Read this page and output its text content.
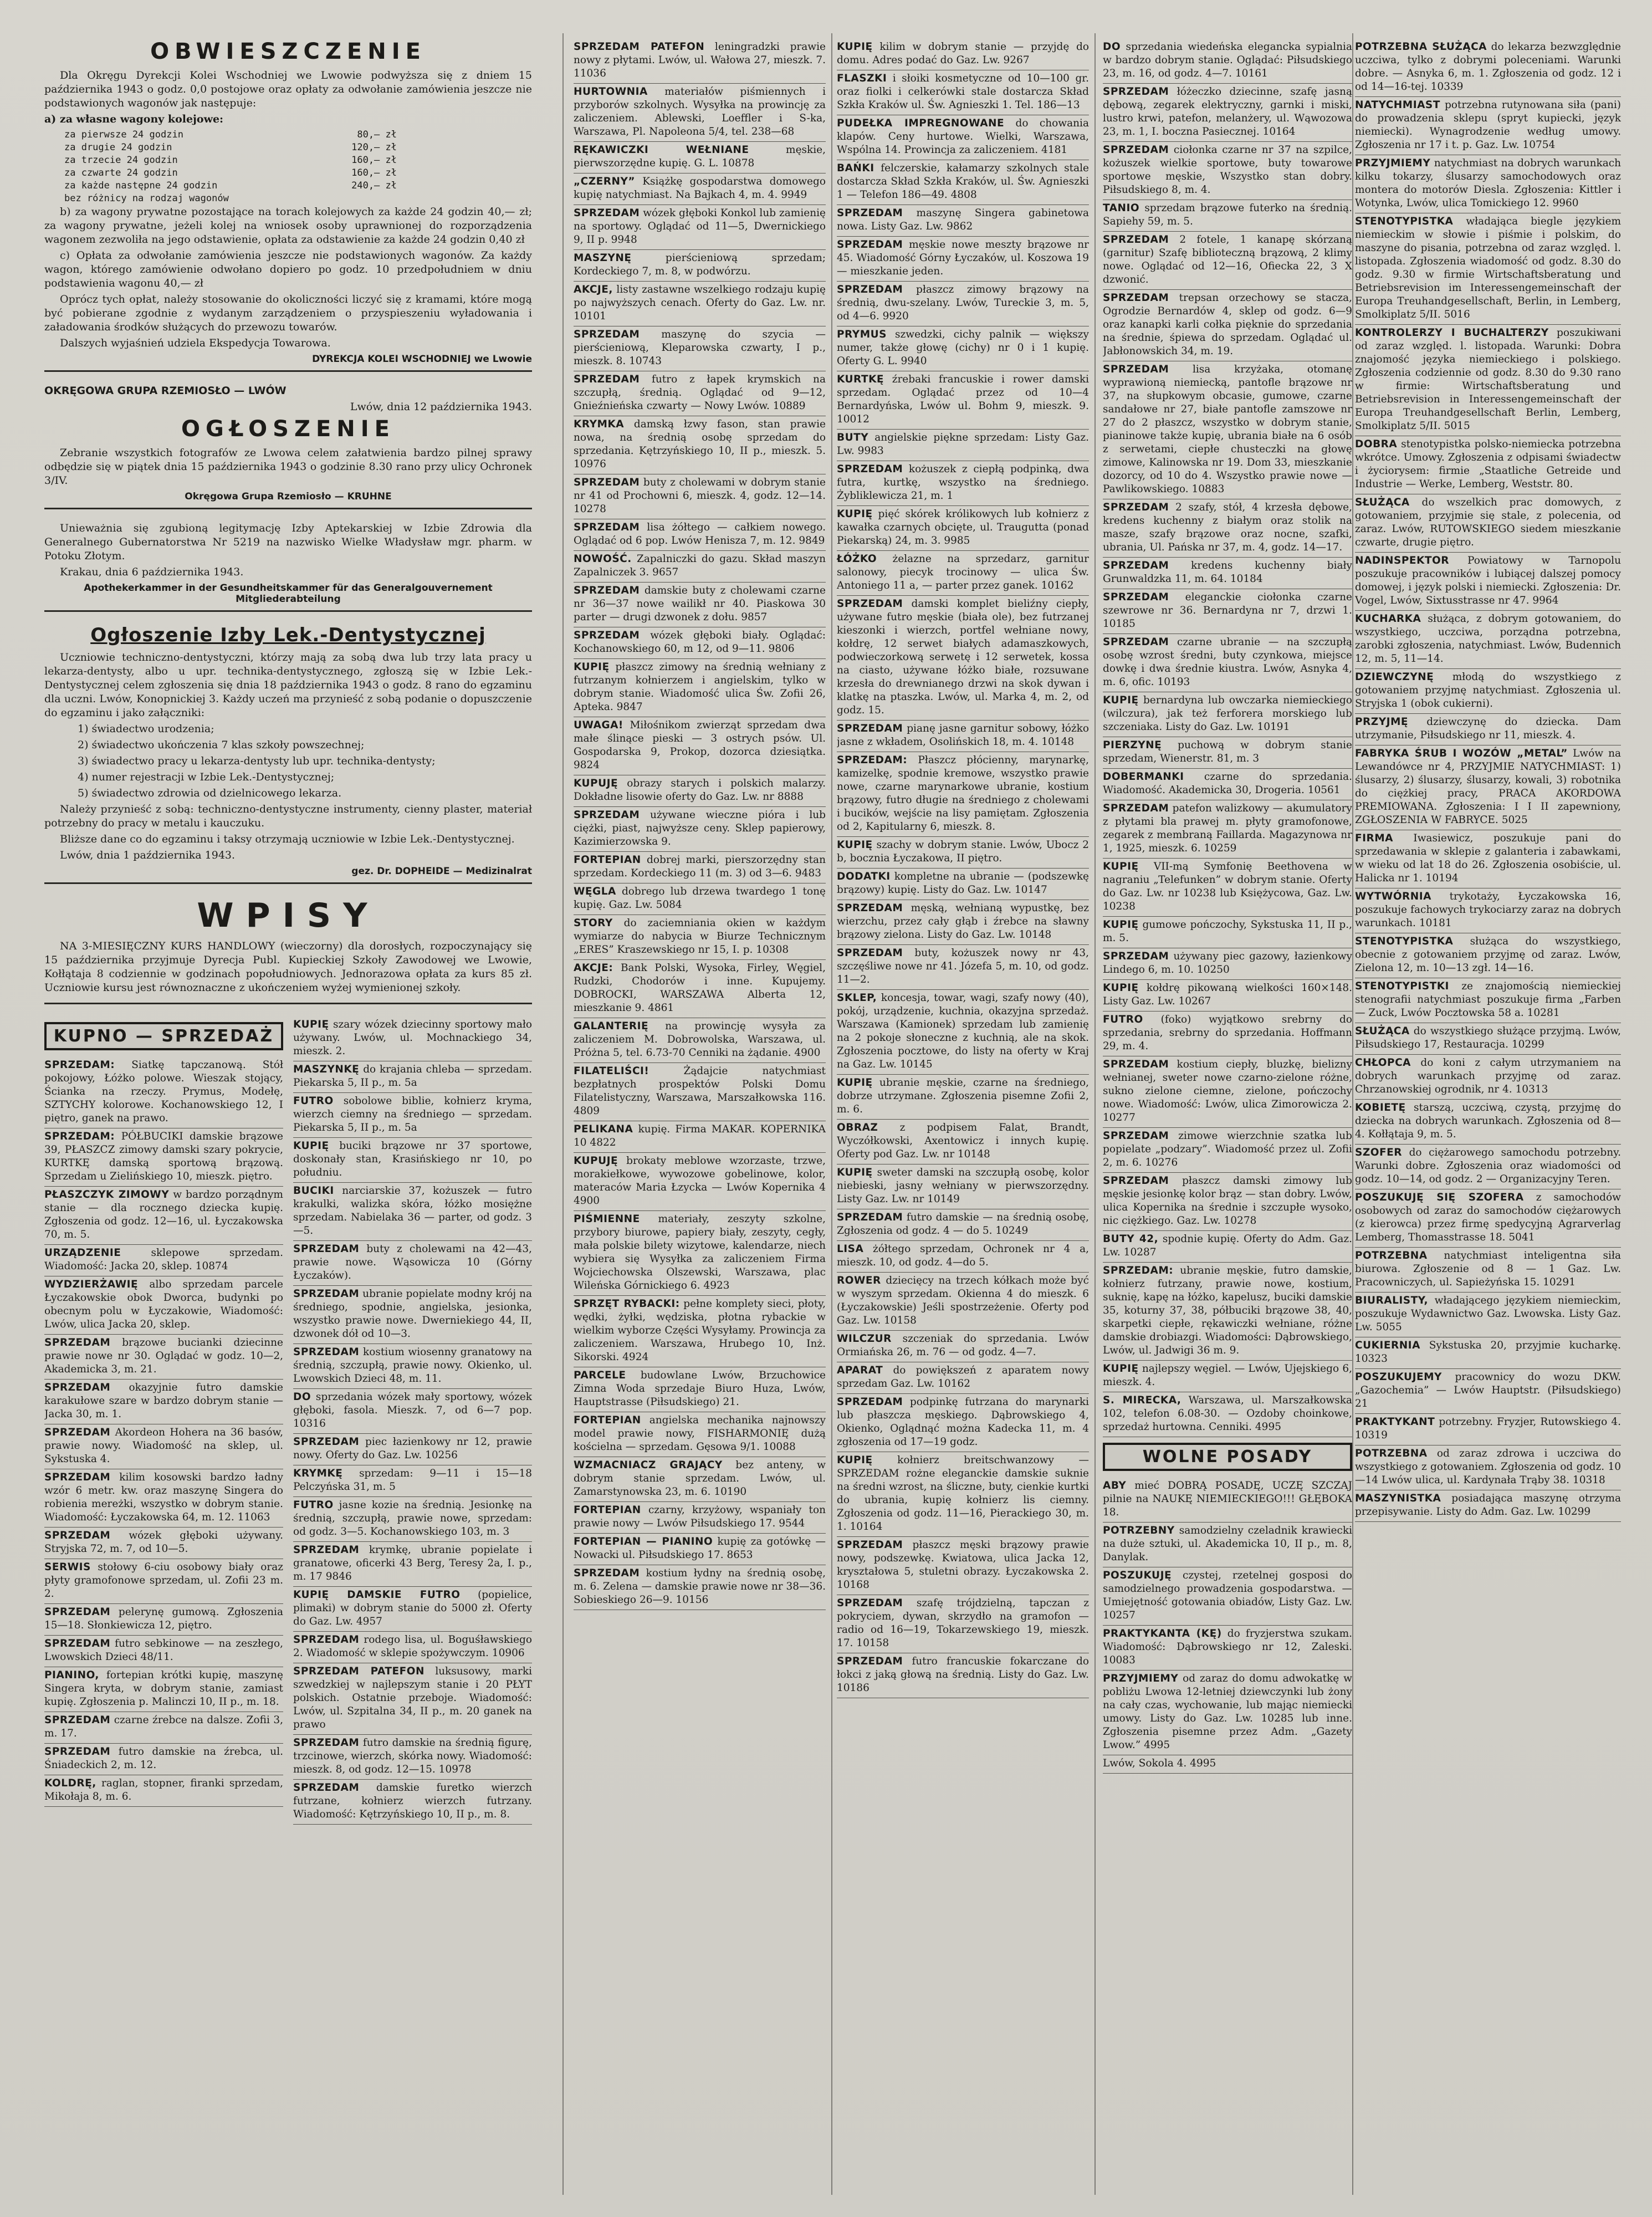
OBWIESZCZENIE

Dla Okręgu Dyrekcji Kolei Wschodniej we Lwowie podwyższa się z dniem 15 października 1943 o godz. 0,0 postojowe oraz opłaty za odwołanie zamówienia jeszcze nie podstawionych wagonów jak następuje:

a) za własne wagony kolejowe:

za pierwsze 24 godzin	80,— zł
za drugie 24 godzin	120,— zł
za trzecie 24 godzin	160,— zł
za czwarte 24 godzin	160,— zł
za każde następne 24 godzin	240,— zł
bez różnicy na rodzaj wagonów

b) za wagony prywatne pozostające na torach kolejowych za każde 24 godzin 40,— zł; za wagony prywatne, jeżeli kolej na wniosek osoby uprawnionej do rozporządzenia wagonem zezwoliła na jego odstawienie, opłata za odstawienie za każde 24 godzin 0,40 zł

c) Opłata za odwołanie zamówienia jeszcze nie podstawionych wagonów. Za każdy wagon, którego zamówienie odwołano dopiero po godz. 10 przedpołudniem w dniu podstawienia wagonu 40,— zł

Oprócz tych opłat, należy stosowanie do okoliczności liczyć się z kramami, które mogą być pobierane zgodnie z wydanym zarządzeniem o przyspieszeniu wyładowania i załadowania środków służących do przewozu towarów.

Dalszych wyjaśnień udziela Ekspedycja Towarowa.

DYREKCJA KOLEI WSCHODNIEJ we Lwowie
OKRĘGOWA GRUPA RZEMIOSŁO — LWÓW
Lwów, dnia 12 października 1943.
OGŁOSZENIE

Zebranie wszystkich fotografów ze Lwowa celem załatwienia bardzo pilnej sprawy odbędzie się w piątek dnia 15 października 1943 o godzinie 8.30 rano przy ulicy Ochronek 3/IV.

Okręgowa Grupa Rzemiosło — KRUHNE

Unieważnia się zgubioną legitymację Izby Aptekarskiej w Izbie Zdrowia dla Generalnego Gubernatorstwa Nr 5219 na nazwisko Wielke Władysław mgr. pharm. w Potoku Złotym.

Krakau, dnia 6 października 1943.

Apothekerkammer in der Gesundheitskammer für das Generalgouvernement Mitgliederabteilung
Ogłoszenie Izby Lek.-Dentystycznej

Uczniowie techniczno-dentystyczni, którzy mają za sobą dwa lub trzy lata pracy u lekarza-dentysty, albo u upr. technika-dentystycznego, zgłoszą się w Izbie Lek.-Dentystycznej celem zgłoszenia się dnia 18 października 1943 o godz. 8 rano do egzaminu dla uczni. Lwów, Konopnickiej 3. Każdy uczeń ma przynieść z sobą podanie o dopuszczenie do egzaminu i jako załączniki:

1) świadectwo urodzenia;

2) świadectwo ukończenia 7 klas szkoły powszechnej;

3) świadectwo pracy u lekarza-dentysty lub upr. technika-dentysty;

4) numer rejestracji w Izbie Lek.-Dentystycznej;

5) świadectwo zdrowia od dzielnicowego lekarza.

Należy przynieść z sobą: techniczno-dentystyczne instrumenty, cienny plaster, materiał potrzebny do pracy w metalu i kauczuku.

Bliższe dane co do egzaminu i taksy otrzymają uczniowie w Izbie Lek.-Dentystycznej.

Lwów, dnia 1 października 1943.

gez. Dr. DOPHEIDE — Medizinalrat
WPISY

NA 3-MIESIĘCZNY KURS HANDLOWY (wieczorny) dla dorosłych, rozpoczynający się 15 października przyjmuje Dyrecja Publ. Kupieckiej Szkoły Zawodowej we Lwowie, Kołłątaja 8 codziennie w godzinach popołudniowych. Jednorazowa opłata za kurs 85 zł. Uczniowie kursu jest równoznaczne z ukończeniem wyżej wymienionej szkoły.

KUPNO — SPRZEDAŻ

SPRZEDAM: Siatkę tapczanową. Stół pokojowy, Łóżko polowe. Wieszak stojący, Ścianka na rzeczy. Prymus, Modełę, SZTYCHY kolorowe. Kochanowskiego 12, I piętro, ganek na prawo.

SPRZEDAM: PÓŁBUCIKI damskie brązowe 39, PŁASZCZ zimowy damski szary pokrycie, KURTKĘ damską sportową brązową. Sprzedam u Zielińskiego 10, mieszk. piętro.

PŁASZCZYK ZIMOWY w bardzo porządnym stanie — dla rocznego dziecka kupię. Zgłoszenia od godz. 12—16, ul. Łyczakowska 70, m. 5.

URZĄDZENIE	sklepowe sprzedam. Wiadomość: Jacka 20, sklep. 10874

WYDZIERŻAWIĘ albo sprzedam parcele Łyczakowskie obok Dworca, budynki po obecnym polu w Łyczakowie, Wiadomość: Lwów, ulica Jacka 20, sklep.

SPRZEDAM brązowe bucianki dziecinne prawie nowe nr 30. Oglądać w godz. 10—2, Akademicka 3, m. 21.

SPRZEDAM okazyjnie futro damskie karakułowe szare w bardzo dobrym stanie — Jacka 30, m. 1.

SPRZEDAM Akordeon Hohera na 36 basów, prawie nowy. Wiadomość na sklep, ul. Sykstuska 4.

SPRZEDAM kilim kosowski bardzo ładny wzór 6 metr. kw. oraz maszynę Singera do robienia mereżki, wszystko w dobrym stanie. Wiadomość: Łyczakowska 64, m. 12. 11063

SPRZEDAM wózek głęboki używany. Stryjska 72, m. 7, od 10—5.

SERWIS stołowy 6-ciu osobowy biały oraz płyty gramofonowe sprzedam, ul. Zofii 23 m. 2.

SPRZEDAM pelerynę gumową. Zgłoszenia 15—18. Słonkiewicza 12, piętro.

SPRZEDAM futro sebkinowe — na zeszłego, Lwowskich Dzieci 48/11.

PIANINO, fortepian krótki kupię, maszynę Singera kryta, w dobrym stanie, zamiast kupię. Zgłoszenia p. Malinczi 10, II p., m. 18.

SPRZEDAM czarne źrebce na dalsze. Zofii 3, m. 17.

SPRZEDAM futro damskie na źrebca, ul. Śniadeckich 2, m. 12.

KOLDRĘ, raglan, stopner, firanki sprzedam, Mikołaja 8, m. 6.

KUPIĘ szary wózek dziecinny sportowy mało używany. Lwów, ul. Mochnackiego 34, mieszk. 2.

MASZYNKĘ do krajania chleba — sprzedam. Piekarska 5, II p., m. 5a

FUTRO sobolowe biblie, kołnierz kryma, wierzch ciemny na średniego — sprzedam. Piekarska 5, II p., m. 5a

KUPIĘ buciki brązowe nr 37 sportowe, doskonały stan, Krasińskiego nr 10, po południu.

BUCIKI narciarskie 37, kożuszek — futro krakulki, walizka skóra, łóżko mosiężne sprzedam. Nabielaka 36 — parter, od godz. 3—5.

SPRZEDAM buty z cholewami na 42—43, prawie nowe. Wąsowicza 10 (Górny Łyczaków).

SPRZEDAM ubranie popielate modny krój na średniego, spodnie, angielska, jesionka, wszystko prawie nowe. Dwerniekiego 44, II, dzwonek dół od 10—3.

SPRZEDAM kostium wiosenny granatowy na średnią, szczupłą, prawie nowy. Okienko, ul. Lwowskich Dzieci 48, m. 11.

DO sprzedania wózek mały sportowy, wózek głęboki, fasola. Mieszk. 7, od 6—7 pop. 10316

SPRZEDAM piec łazienkowy nr 12, prawie nowy. Oferty do Gaz. Lw. 10256

KRYMKĘ sprzedam: 9—11 i 15—18 Pelczyńska 31, m. 5

FUTRO jasne kozie na średnią. Jesionkę na średnią, szczupłą, prawie nowe, sprzedam: od godz. 3—5. Kochanowskiego 103, m. 3

SPRZEDAM krymkę, ubranie popielate i granatowe, oficerki 43 Berg, Teresy 2a, I. p., m. 17 9846

KUPIĘ DAMSKIE FUTRO (popielice, plimaki) w dobrym stanie do 5000 zł. Oferty do Gaz. Lw. 4957

SPRZEDAM rodego lisa, ul. Boguśławskiego 2. Wiadomość w sklepie spożywczym. 10906

SPRZEDAM PATEFON luksusowy, marki szwedzkiej w najlepszym stanie i 20 PŁYT polskich. Ostatnie przeboje. Wiadomość: Lwów, ul. Szpitalna 34, II p., m. 20 ganek na prawo

SPRZEDAM futro damskie na średnią figurę, trzcinowe, wierzch, skórka nowy. Wiadomość: mieszk. 8, od godz. 12—15. 10978

SPRZEDAM damskie furetko wierzch futrzane, kołnierz wierzch futrzany. Wiadomość: Kętrzyńskiego 10, II p., m. 8.

SPRZEDAM PATEFON leningradzki prawie nowy z płytami. Lwów, ul. Wałowa 27, mieszk. 7. 11036

HURTOWNIA materiałów piśmiennych i przyborów szkolnych. Wysyłka na prowincję za zaliczeniem. Ablewski, Loeffler i S-ka, Warszawa, Pl. Napoleona 5/4, tel. 238—68

RĘKAWICZKI WEŁNIANE	męskie, pierwszorzędne kupię. G. L. 10878

„CZERNY” Książkę gospodarstwa domowego kupię natychmiast. Na Bajkach 4, m. 4. 9949

SPRZEDAM wózek głęboki Konkol lub zamienię na sportowy. Oglądać od 11—5, Dwernickiego 9, II p. 9948

MASZYNĘ	pierścieniową sprzedam; Kordeckiego 7, m. 8, w podwórzu.

AKCJE, listy zastawne wszelkiego rodzaju kupię po najwyższych cenach. Oferty do Gaz. Lw. nr. 10101

SPRZEDAM maszynę do szycia — pierścieniową, Kleparowska czwarty, I p., mieszk. 8. 10743

SPRZEDAM futro z łapek krymskich na szczupłą, średnią. Oglądać od 9—12, Gnieźnieńska czwarty — Nowy Lwów. 10889

KRYMKA damską łzwy fason, stan prawie nowa, na średnią osobę sprzedam do sprzedania. Kętrzyńskiego 10, II p., mieszk. 5. 10976

SPRZEDAM buty z cholewami w dobrym stanie nr 41 od Prochowni 6, mieszk. 4, godz. 12—14. 10278

SPRZEDAM lisa żółtego — całkiem nowego. Oglądać od 6 pop. Lwów Henisza 7, m. 12. 9849

NOWOŚĆ. Zapalniczki do gazu. Skład maszyn Zapalniczek 3. 9657

SPRZEDAM damskie buty z cholewami czarne nr 36—37 nowe wailikł nr 40. Piaskowa 30 parter — drugi dzwonek z dołu. 9857

SPRZEDAM wózek głęboki biały. Oglądać: Kochanowskiego 60, m 12, od 9—11. 9806

KUPIĘ płaszcz zimowy na średnią wełniany z futrzanym kołnierzem i angielskim, tylko w dobrym stanie. Wiadomość ulica Św. Zofii 26, Apteka. 9847

UWAGA! Miłośnikom zwierząt sprzedam dwa małe ślinące pieski — 3 ostrych psów. Ul. Gospodarska 9, Prokop, dozorca dziesiątka. 9824

KUPUJĘ obrazy starych i polskich malarzy. Dokładne lisowie oferty do Gaz. Lw. nr 8888

SPRZEDAM używane wieczne pióra i lub ciężki, piast, najwyższe ceny. Sklep papierowy, Kazimierzowska 9.

FORTEPIAN dobrej marki, pierszorzędny stan sprzedam. Kordeckiego 11 (m. 3) od 3—6. 9483

WĘGLA dobrego lub drzewa twardego 1 tonę kupię. Gaz. Lw. 5084

STORY do zaciemniania okien w każdym wymiarze do nabycia w Biurze Technicznym „ERES” Kraszewskiego nr 15, I. p. 10308

AKCJE: Bank Polski, Wysoka, Firley, Węgiel, Rudzki, Chodorów i inne. Kupujemy. DOBROCKI, WARSZAWA Alberta 12, mieszkanie 9. 4861

GALANTERIĘ na prowincję wysyła za zaliczeniem M. Dobrowolska, Warszawa, ul. Próżna 5, tel. 6.73-70 Cenniki na żądanie. 4900

FILATELIŚCI!	Żądajcie natychmiast bezpłatnych prospektów Polski Domu Filatelistyczny, Warszawa, Marszałkowska 116. 4809

PELIKANA kupię. Firma MAKAR. KOPERNIKA 10 4822

KUPUJĘ brokaty meblowe wzorzaste, trzwe, morakiełkowe, wywozowe gobelinowe, kolor, materaców Maria Łzycka — Lwów Kopernika 4 4900

PIŚMIENNE materiały, zeszyty szkolne, przybory biurowe, papiery biały, zeszyty, cegły, mała polskie bilety wizytowe, kalendarze, niech wybiera się Wysyłka za zaliczeniem Firma Wojciechowska Olszewski, Warszawa, plac Wileńska Górnickiego 6. 4923

SPRZĘT RYBACKI: pełne komplety sieci, płoty, wędki, żyłki, wędziska, płotna rybackie w wielkim wyborze Części Wysyłamy. Prowincja za zaliczeniem. Warszawa, Hrubego 10, Inż. Sikorski. 4924

PARCELE budowlane Lwów, Brzuchowice Zimna Woda sprzedaje Biuro Huza, Lwów, Hauptstrasse (Piłsudskiego) 21.

FORTEPIAN angielska mechanika najnowszy model prawie nowy, FISHARMONIĘ dużą kościelna — sprzedam. Gęsowa 9/1. 10088

WZMACNIACZ GRAJĄCY bez anteny, w dobrym stanie sprzedam. Lwów, ul. Zamarstynowska 23, m. 6. 10190

FORTEPIAN czarny, krzyżowy, wspaniały ton prawie nowy — Lwów Piłsudskiego 17. 9544

FORTEPIAN — PIANINO kupię za gotówkę — Nowacki ul. Piłsudskiego 17. 8653

SPRZEDAM kostium łydny na średnią osobę, m. 6. Zelena — damskie prawie nowe nr 38—36. Sobieskiego 26—9. 10156

KUPIĘ kilim w dobrym stanie — przyjdę do domu. Adres podać do Gaz. Lw. 9267

FLASZKI i słoiki kosmetyczne od 10—100 gr. oraz fiolki i celkerówki stale dostarcza Skład Szkła Kraków ul. Św. Agnieszki 1. Tel. 186—13

PUDEŁKA IMPREGNOWANE do chowania klapów. Ceny hurtowe. Wielki, Warszawa, Wspólna 14. Prowincja za zaliczeniem. 4181

BAŃKI felczerskie, kałamarzy szkolnych stale dostarcza Skład Szkła Kraków, ul. Św. Agnieszki 1 — Telefon 186—49. 4808

SPRZEDAM maszynę Singera gabinetowa nowa. Listy Gaz. Lw. 9862

SPRZEDAM męskie nowe meszty brązowe nr 45. Wiadomość Górny Łyczaków, ul. Koszowa 19 — mieszkanie jeden.

SPRZEDAM płaszcz zimowy brązowy na średnią, dwu-szelany. Lwów, Tureckie 3, m. 5, od 4—6. 9920

PRYMUS szwedzki, cichy palnik — większy numer, także głowę (cichy) nr 0 i 1 kupię. Oferty G. L. 9940

KURTKĘ źrebaki francuskie i rower damski sprzedam. Oglądać przez od 10—4 Bernardyńska, Lwów ul. Bohm 9, mieszk. 9. 10012

BUTY angielskie piękne sprzedam: Listy Gaz. Lw. 9983

SPRZEDAM kożuszek z ciepłą podpinką, dwa futra, kurtkę, wszystko na średniego. Żybliklewicza 21, m. 1

KUPIĘ pięć skórek królikowych lub kołnierz z kawałka czarnych obcięte, ul. Traugutta (ponad Piekarską) 24, m. 3. 9985

ŁÓŻKO żelazne na sprzedarz, garnitur salonowy, piecyk trocinowy — ulica Św. Antoniego 11 a, — parter przez ganek. 10162

SPRZEDAM damski komplet bieliźny ciepły, używane futro męskie (biała ole), bez futrzanej kieszonki i wierzch, portfel wełniane nowy, kołdrę, 12 serwet białych adamaszkowych, podwieczorkową serwetę i 12 serwetek, kossa na ciasto, używane łóżko białe, rozsuwane krzesła do drewnianego drzwi na skok dywan i klatkę na ptaszka. Lwów, ul. Marka 4, m. 2, od godz. 15.

SPRZEDAM pianę jasne garnitur sobowy, łóżko jasne z wkładem, Osolińskich 18, m. 4. 10148

SPRZEDAM: Płaszcz płócienny, marynarkę, kamizelkę, spodnie kremowe, wszystko prawie nowe, czarne marynarkowe ubranie, kostium brązowy, futro długie na średniego z cholewami i bucików, wejście na lisy pamiętam. Zgłoszenia od 2, Kapitularny 6, mieszk. 8.

KUPIĘ szachy w dobrym stanie. Lwów, Ubocz 2 b, bocznia Łyczakowa, II piętro.

DODATKI kompletne na ubranie — (podszewkę brązowy) kupię. Listy do Gaz. Lw. 10147

SPRZEDAM męską, wełnianą wypustkę, bez wierzchu, przez cały głąb i źrebce na sławny brązowy zielona. Listy do Gaz. Lw. 10148

SPRZEDAM buty, kożuszek nowy nr 43, szczęśliwe nowe nr 41. Józefa 5, m. 10, od godz. 11—2.

SKLEP, koncesja, towar, wagi, szafy nowy (40), pokój, urządzenie, kuchnia, okazyjna sprzedaż. Warszawa (Kamionek) sprzedam lub zamienię na 2 pokoje słoneczne z kuchnią, ale na skok. Zgłoszenia pocztowe, do listy na oferty w Kraj na Gaz. Lw. 10145

KUPIĘ ubranie męskie, czarne na średniego, dobrze utrzymane. Zgłoszenia pisemne Zofii 2, m. 6.

OBRAZ z podpisem Falat, Brandt, Wyczółkowski, Axentowicz i innych kupię. Oferty pod Gaz. Lw. nr 10148

KUPIĘ sweter damski na szczupłą osobę, kolor niebieski, jasny wełniany w pierwszorzędny. Listy Gaz. Lw. nr 10149

SPRZEDAM futro damskie — na średnią osobę, Zgłoszenia od godz. 4 — do 5. 10249

LISA żółtego sprzedam, Ochronek nr 4 a, mieszk. 10, od godz. 4—do 5.

ROWER dziecięcy na trzech kółkach może być w wyszym sprzedam. Okienna 4 do mieszk. 6 (Łyczakowskie) Jeśli spostrzeżenie. Oferty pod Gaz. Lw. 10158

WILCZUR szczeniak do sprzedania. Lwów Ormiańska 26, m. 76 — od godz. 4—7.

APARAT do powiększeń z aparatem nowy sprzedam Gaz. Lw. 10162

SPRZEDAM podpinkę futrzana do marynarki lub płaszcza męskiego. Dąbrowskiego 4, Okienko, Oglądnąć można Kadecka 11, m. 4 zgłoszenia od 17—19 godz.

KUPIĘ kołnierz breitschwanzowy — SPRZEDAM rożne eleganckie damskie suknie na średni wzrost, na śliczne, buty, cienkie kurtki do ubrania, kupię kołnierz lis ciemny. Zgłoszenia od godz. 11—16, Pierackiego 30, m. 1. 10164

SPRZEDAM płaszcz męski brązowy prawie nowy, podszewkę. Kwiatowa, ulica Jacka 12, kryształowa 5, stuletni obrazy. Łyczakowska 2. 10168

SPRZEDAM szafę trójdzielną, tapczan z pokryciem, dywan, skrzydło na gramofon — radio od 16—19, Tokarzewskiego 19, mieszk. 17. 10158

SPRZEDAM futro francuskie fokarczane do łokci z jaką głową na średnią. Listy do Gaz. Lw. 10186

DO sprzedania wiedeńska elegancka sypialnia w bardzo dobrym stanie. Oglądać: Piłsudskiego 23, m. 16, od godz. 4—7. 10161

SPRZEDAM łóżeczko dziecinne, szafę jasną dębową, zegarek elektryczny, garnki i miski, lustro krwi, patefon, melanżery, ul. Wąwozowa 23, m. 1, I. boczna Pasiecznej. 10164

SPRZEDAM ciołonka czarne nr 37 na szpilce, kożuszek wielkie sportowe, buty towarowe sportowe męskie, Wszystko stan dobry. Piłsudskiego 8, m. 4.

TANIO sprzedam brązowe futerko na średnią. Sapiehy 59, m. 5.

SPRZEDAM 2 fotele, 1 kanapę skórzaną (garnitur) Szafę biblioteczną brązową, 2 klimy nowe. Oglądać od 12—16, Ofiecka 22, 3 X dzwonić.

SPRZEDAM trepsan orzechowy se stacza, Ogrodzie Bernardów 4, sklep od godz. 6—9 oraz kanapki karli cołka pięknie do sprzedania na średnie, śpiewa do sprzedam. Oglądać ul. Jabłonowskich 34, m. 19.

SPRZEDAM lisa krzyżaka, otomanę wyprawioną niemiecką, pantofle brązowe nr 37, na słupkowym obcasie, gumowe, czarne sandałowe nr 27, białe pantofle zamszowe nr 27 do 2 płaszcz, wszystko w dobrym stanie, pianinowe także kupię, ubrania białe na 6 osób z serwetami, ciepłe chusteczki na głowę zimowe, Kalinowska nr 19. Dom 33, mieszkanie dozorcy, od 10 do 4. Wszystko prawie nowe — Pawlikowskiego. 10883

SPRZEDAM 2 szafy, stół, 4 krzesła dębowe, kredens kuchenny z białym oraz stolik na masze, szafy brązowe oraz nocne, szafki, ubrania, Ul. Pańska nr 37, m. 4, godz. 14—17.

SPRZEDAM kredens kuchenny biały Grunwaldzka 11, m. 64. 10184

SPRZEDAM eleganckie ciołonka czarne szewrowe nr 36. Bernardyna nr 7, drzwi 1. 10185

SPRZEDAM czarne ubranie — na szczupłą osobę wzrost średni, buty czynkowa, miejsce dowkę i dwa średnie kiustra. Lwów, Asnyka 4, m. 6, ofic. 10193

KUPIĘ bernardyna lub owczarka niemieckiego (wilczura), jak też ferforera morskiego lub szczeniaka. Listy do Gaz. Lw. 10191

PIERZYNĘ puchową w dobrym stanie sprzedam, Wienerstr. 81, m. 3

DOBERMANKI czarne do sprzedania. Wiadomość. Akademicka 30, Drogeria. 10561

SPRZEDAM patefon walizkowy — akumulatory z płytami bla prawej m. płyty gramofonowe, zegarek z membraną Faillarda. Magazynowa nr 1, 1925, mieszk. 6. 10259

KUPIĘ VII-mą Symfonię Beethovena w nagraniu „Telefunken” w dobrym stanie. Oferty do Gaz. Lw. nr 10238 lub Księżycowa, Gaz. Lw. 10238

KUPIĘ gumowe pończochy, Sykstuska 11, II p., m. 5.

SPRZEDAM używany piec gazowy, łazienkowy Lindego 6, m. 10. 10250

KUPIĘ kołdrę pikowaną wielkości 160×148. Listy Gaz. Lw. 10267

FUTRO (foko) wyjątkowo srebrny do sprzedania, srebrny do sprzedania. Hoffmann 29, m. 4.

SPRZEDAM kostium ciepły, bluzkę, bielizny wełnianej, sweter nowe czarno-zielone różne, sukno zielone ciemne, zielone, pończochy nowe. Wiadomość: Lwów, ulica Zimorowicza 2. 10277

SPRZEDAM zimowe wierzchnie szatka lub popielate „podzary”. Wiadomość przez ul. Zofii 2, m. 6. 10276

SPRZEDAM płaszcz damski zimowy lub męskie jesionkę kolor brąz — stan dobry. Lwów, ulica Kopernika na średnie i szczupłe wysoko, nic ciężkiego. Gaz. Lw. 10278

BUTY 42, spodnie kupię. Oferty do Adm. Gaz. Lw. 10287

SPRZEDAM: ubranie męskie, futro damskie, kołnierz futrzany, prawie nowe, kostium, suknię, kapę na łóżko, kapelusz, buciki damskie 35, koturny 37, 38, półbuciki brązowe 38, 40, skarpetki ciepłe, rękawiczki wełniane, różne damskie drobiazgi. Wiadomości: Dąbrowskiego, Lwów, ul. Jadwigi 36 m. 9.

KUPIĘ najlepszy węgiel. — Lwów, Ujejskiego 6, mieszk. 4.

S. MIRECKA, Warszawa, ul. Marszałkowska 102, telefon 6.08-30. — Ozdoby choinkowe, sprzedaż hurtowna. Cenniki. 4995

WOLNE POSADY

ABY mieć DOBRĄ POSADĘ, UCZĘ SZCZAJ pilnie na NAUKĘ NIEMIECKIEGO!!! GŁĘBOKA 18.

POTRZEBNY samodzielny czeladnik krawiecki na duże sztuki, ul. Akademicka 10, II p., m. 8, Danylak.

POSZUKUJĘ czystej, rzetelnej gosposi do samodzielnego prowadzenia gospodarstwa. — Umiejętność gotowania obiadów, Listy Gaz. Lw. 10257

PRAKTYKANTA (KĘ) do fryzjerstwa szukam. Wiadomość: Dąbrowskiego nr 12, Zaleski. 10083

PRZYJMIEMY od zaraz do domu adwokatkę w pobliżu Lwowa 12-letniej dziewczynki lub żony na cały czas, wychowanie, lub mając niemiecki umowy. Listy do Gaz. Lw. 10285 lub inne. Zgłoszenia pisemne przez Adm. „Gazety Lwow.” 4995

Lwów, Sokola 4. 4995

POTRZEBNA SŁUŻĄCA do lekarza bezwzględnie uczciwa, tylko z dobrymi poleceniami. Warunki dobre. — Asnyka 6, m. 1. Zgłoszenia od godz. 12 i od 14—16-tej. 10339

NATYCHMIAST potrzebna rutynowana siła (pani) do prowadzenia sklepu (spryt kupiecki, język niemiecki). Wynagrodzenie według umowy. Zgłoszenia nr 17 i t. p. Gaz. Lw. 10754

PRZYJMIEMY natychmiast na dobrych warunkach kilku tokarzy, ślusarzy samochodowych oraz montera do motorów Diesla. Zgłoszenia: Kittler i Wotynka, Lwów, ulica Tomickiego 12. 9960

STENOTYPISTKA władająca biegle językiem niemieckim w słowie i piśmie i polskim, do maszyne do pisania, potrzebna od zaraz względ. l. listopada. Zgłoszenia wiadomość od godz. 8.30 do godz. 9.30 w firmie Wirtschaftsberatung und Betriebsrevision im Interessengemeinschaft der Europa Treuhandgesellschaft, Berlin, in Lemberg, Smolkiplatz 5/II. 5016

KONTROLERZY I BUCHALTERZY poszukiwani od zaraz względ. l. listopada. Warunki: Dobra znajomość języka niemieckiego i polskiego. Zgłoszenia codziennie od godz. 8.30 do 9.30 rano w firmie: Wirtschaftsberatung und Betriebsrevision in Interessengemeinschaft der Europa Treuhandgesellschaft Berlin, Lemberg, Smolkiplatz 5/II. 5015

DOBRA stenotypistka polsko-niemiecka potrzebna wkrótce. Umowy. Zgłoszenia z odpisami świadectw i życiorysem: firmie „Staatliche Getreide und Industrie — Werke, Lemberg, Weststr. 80.

SŁUŻĄCA do wszelkich prac domowych, z gotowaniem, przyjmie się stale, z polecenia, od zaraz. Lwów, RUTOWSKIEGO siedem mieszkanie czwarte, drugie piętro.

NADINSPEKTOR Powiatowy w Tarnopolu poszukuje pracowników i lubiącej dalszej pomocy domowej, i język polski i niemiecki. Zgłoszenia: Dr. Vogel, Lwów, Sixtusstrasse nr 47. 9964

KUCHARKA służąca, z dobrym gotowaniem, do wszystkiego, uczciwa, porządna potrzebna, zarobki zgłoszenia, natychmiast. Lwów, Budennich 12, m. 5, 11—14.

DZIEWCZYNĘ młodą do wszystkiego z gotowaniem przyjmę natychmiast. Zgłoszenia ul. Stryjska 1 (obok cukierni).

PRZYJMĘ dziewczynę do dziecka. Dam utrzymanie, Piłsudskiego nr 11, mieszk. 4.

FABRYKA ŚRUB I WOZÓW „METAL” Lwów na Lewandówce nr 4, PRZYJMIE NATYCHMIAST: 1) ślusarzy, 2) ślusarzy, ślusarzy, kowali, 3) robotnika do ciężkiej pracy, PRACA AKORDOWA PREMIOWANA. Zgłoszenia: I I II zapewniony, ZGŁOSZENIA W FABRYCE. 5025

FIRMA Iwasiewicz, poszukuje pani do sprzedawania w sklepie z galanteria i zabawkami, w wieku od lat 18 do 26. Zgłoszenia osobiście, ul. Halicka nr 1. 10194

WYTWÓRNIA trykotaży, Łyczakowska 16, poszukuje fachowych trykociarzy zaraz na dobrych warunkach. 10181

STENOTYPISTKA służąca do wszystkiego, obecnie z gotowaniem przyjmę od zaraz. Lwów, Zielona 12, m. 10—13 zgł. 14—16.

STENOTYPISTKI ze znajomością niemieckiej stenografii natychmiast poszukuje firma „Farben — Zuck, Lwów Pocztowska 58 a. 10281

SŁUŻĄCA do wszystkiego służące przyjmą. Lwów, Piłsudskiego 17, Restauracja. 10299

CHŁOPCA do koni z całym utrzymaniem na dobrych warunkach przyjmę od zaraz. Chrzanowskiej ogrodnik, nr 4. 10313

KOBIETĘ starszą, uczciwą, czystą, przyjmę do dziecka na dobrych warunkach. Zgłoszenia od 8—4. Kołłątaja 9, m. 5.

SZOFER do ciężarowego samochodu potrzebny. Warunki dobre. Zgłoszenia oraz wiadomości od godz. 10—14, od godz. 2 — Organizacyjny Teren.

POSZUKUJĘ SIĘ SZOFERA z samochodów osobowych od zaraz do samochodów ciężarowych (z kierowca) przez firmę spedycyjną Agrarverlag Lemberg, Thomasstrasse 18. 5041

POTRZEBNA natychmiast inteligentna siła biurowa. Zgłoszenie od 8 — 1 Gaz. Lw. Pracowniczych, ul. Sapieżyńska 15. 10291

BIURALISTY, władającego językiem niemieckim, poszukuje Wydawnictwo Gaz. Lwowska. Listy Gaz. Lw. 5055

CUKIERNIA Sykstuska 20, przyjmie kucharkę. 10323

POSZUKUJEMY pracownicy do wozu DKW. „Gazochemia” — Lwów Hauptstr. (Piłsudskiego) 21

PRAKTYKANT potrzebny. Fryzjer, Rutowskiego 4. 10319

POTRZEBNA od zaraz zdrowa i uczciwa do wszystkiego z gotowaniem. Zgłoszenia od godz. 10—14 Lwów ulica, ul. Kardynała Trąby 38. 10318

MASZYNISTKA posiadająca maszynę otrzyma przepisywanie. Listy do Adm. Gaz. Lw. 10299
